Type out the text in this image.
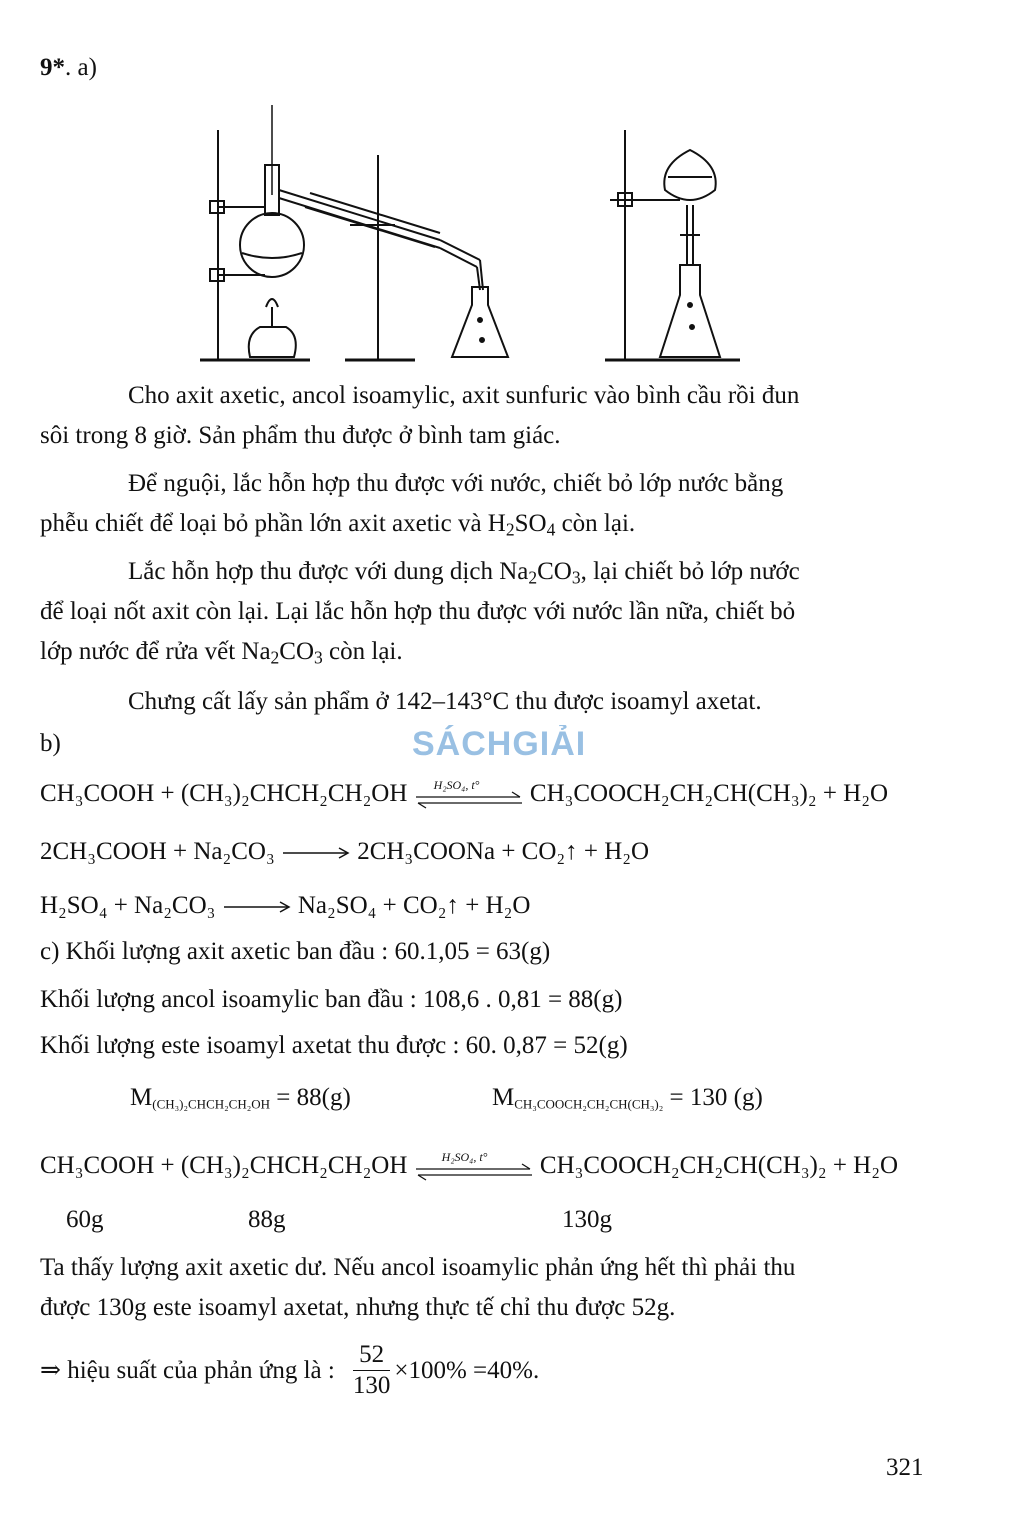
9*. a)
Cho axit axetic, ancol isoamylic, axit sunfuric vào bình cầu rồi đun
sôi trong 8 giờ. Sản phẩm thu được ở bình tam giác.
Để nguội, lắc hỗn hợp thu được với nước, chiết bỏ lớp nước bằng
phễu chiết để loại bỏ phần lớn axit axetic và $H_2SO_4$ còn lại.
Lắc hỗn hợp thu được với dung dịch $Na_2CO_3$, lại chiết bỏ lớp nước
để loại nốt axit còn lại. Lại lắc hỗn hợp thu được với nước lần nữa, chiết bỏ
lớp nước để rửa vết $Na_2CO_3$ còn lại.
Chưng cất lấy sản phẩm ở 142–143°C thu được isoamyl axetat.
b)	SÁCHGIẢI
CH₃COOH + (CH₃)₂CHCH₂CH₂OH H₂SO₄, t° CH₃COOCH₂CH₂CH(CH₃)₂ + H₂O
2CH₃COOH + Na₂CO₃	2CH₃COONa + CO₂↑ + H₂O
H₂SO₄ + Na₂CO₃	Na₂SO₄ + CO₂↑ + H₂O
c) Khối lượng axit axetic ban đầu : 60.1,05 = 63(g)
Khối lượng ancol isoamylic ban đầu : 108,6 . 0,81 = 88(g)
Khối lượng este isoamyl axetat thu được : 60. 0,87 = 52(g)
$M_{(CH_3)_2CHCH_2CH_2OH} = 88(g)$	$M_{CH_3COOCH_2CH_2CH(CH_3)_2} = 130$ (g)
CH₃COOH + (CH₃)₂CHCH₂CH₂OH	H₂SO₄, t° CH₃COOCH₂CH₂CH(CH₃)₂ + H₂O
60g	88g	130g
Ta thấy lượng axit axetic dư. Nếu ancol isoamylic phản ứng hết thì phải thu
được 130g este isoamyl axetat, nhưng thực tế chỉ thu được 52g.
⇒ hiệu suất của phản ứng là : $\frac{52}{130} \times 100\% =40\%$.
321
